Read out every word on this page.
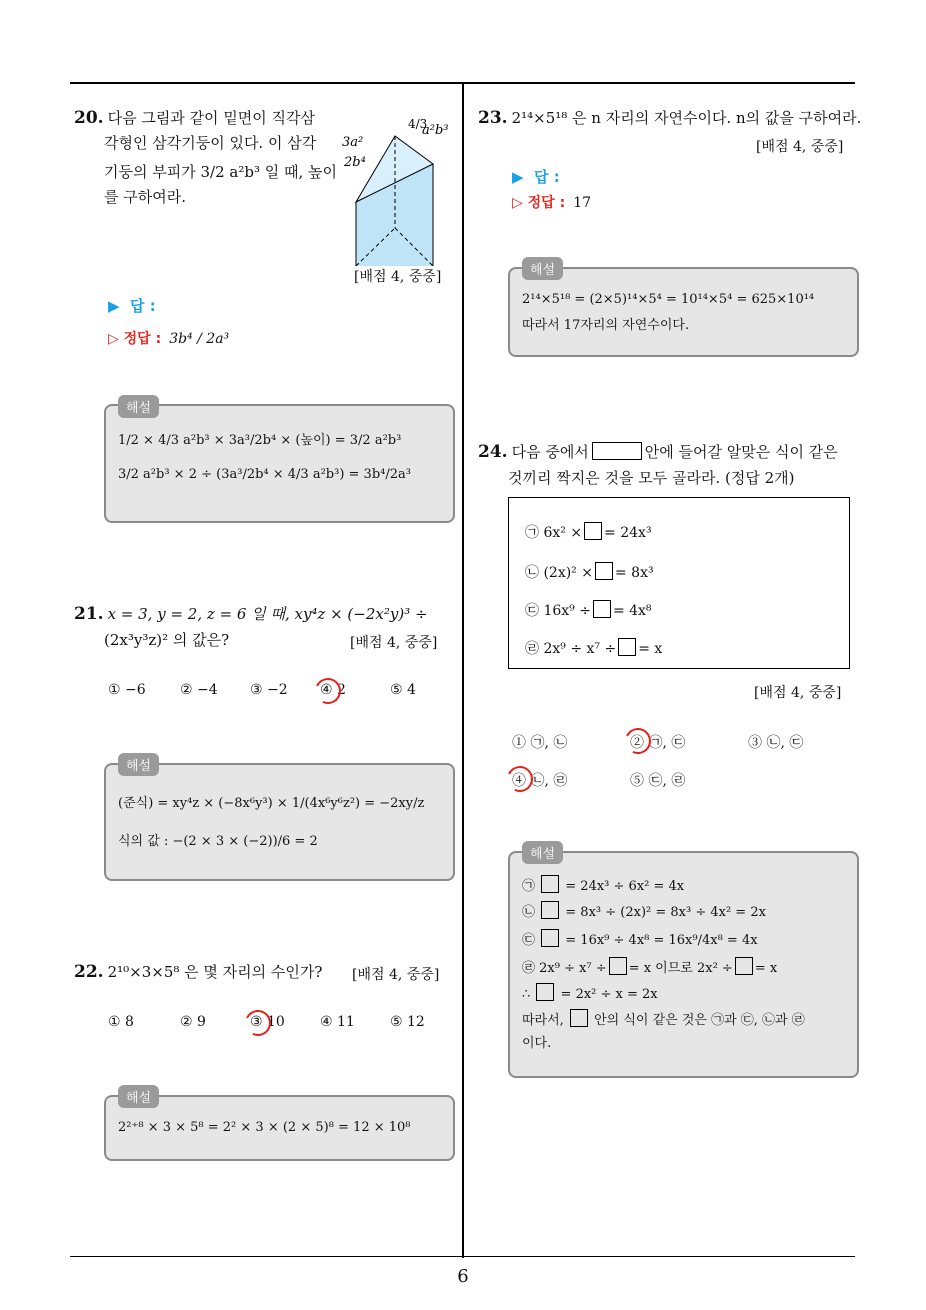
6
20. 다음 그림과 같이 밑면이 직각삼
각형인 삼각기둥이 있다. 이 삼각
기둥의 부피가 3/2 a²b³ 일 때, 높이
를 구하여라.
3a²
2b⁴
4/3
a²b³
[배점 4, 중중]
▶ 답 :
▷ 정답 : 3b⁴ / 2a³
1/2 × 4/3 a²b³ × 3a³/2b⁴ × (높이) = 3/2 a²b³
3/2 a²b³ × 2 ÷ (3a³/2b⁴ × 4/3 a²b³) = 3b⁴/2a³
해설
21. x = 3, y = 2, z = 6 일 때, xy⁴z × (−2x²y)³ ÷
(2x³y³z)² 의 값은?	[배점 4, 중중]
① −6 ② −4 ③ −2 ④ 2	⑤ 4
(준식) = xy⁴z × (−8x⁶y³) × 1/(4x⁶y⁶z²) = −2xy/z
식의 값 : −(2 × 3 × (−2))/6 = 2
해설
22. 2¹⁰×3×5⁸ 은 몇 자리의 수인가? [배점 4, 중중]
① 8	② 9	③ 10	④ 11	⑤ 12
2²⁺⁸ × 3 × 5⁸ = 2² × 3 × (2 × 5)⁸ = 12 × 10⁸
해설
23. 2¹⁴×5¹⁸ 은 n 자리의 자연수이다. n의 값을 구하여라.
[배점 4, 중중]
▶ 답 :
▷ 정답 : 17
2¹⁴×5¹⁸ = (2×5)¹⁴×5⁴ = 10¹⁴×5⁴ = 625×10¹⁴
따라서 17자리의 자연수이다.
해설
24. 다음 중에서	안에 들어갈 알맞은 식이 같은
것끼리 짝지은 것을 모두 골라라. (정답 2개)
㉠ 6x² × = 24x³
㉡ (2x)² × = 8x³
㉢ 16x⁹ ÷ = 4x⁸
㉣ 2x⁹ ÷ x⁷ ÷ = x
[배점 4, 중중]
① ㉠, ㉡	② ㉠, ㉢	③ ㉡, ㉢
④ ㉡, ㉣	⑤ ㉢, ㉣
㉠  = 24x³ ÷ 6x² = 4x
㉡  = 8x³ ÷ (2x)² = 8x³ ÷ 4x² = 2x
㉢  = 16x⁹ ÷ 4x⁸ = 16x⁹/4x⁸ = 4x
㉣ 2x⁹ ÷ x⁷ ÷ = x 이므로 2x² ÷ = x
∴  = 2x² ÷ x = 2x
따라서, 안의 식이 같은 것은 ㉠과 ㉢, ㉡과 ㉣
이다.
해설
